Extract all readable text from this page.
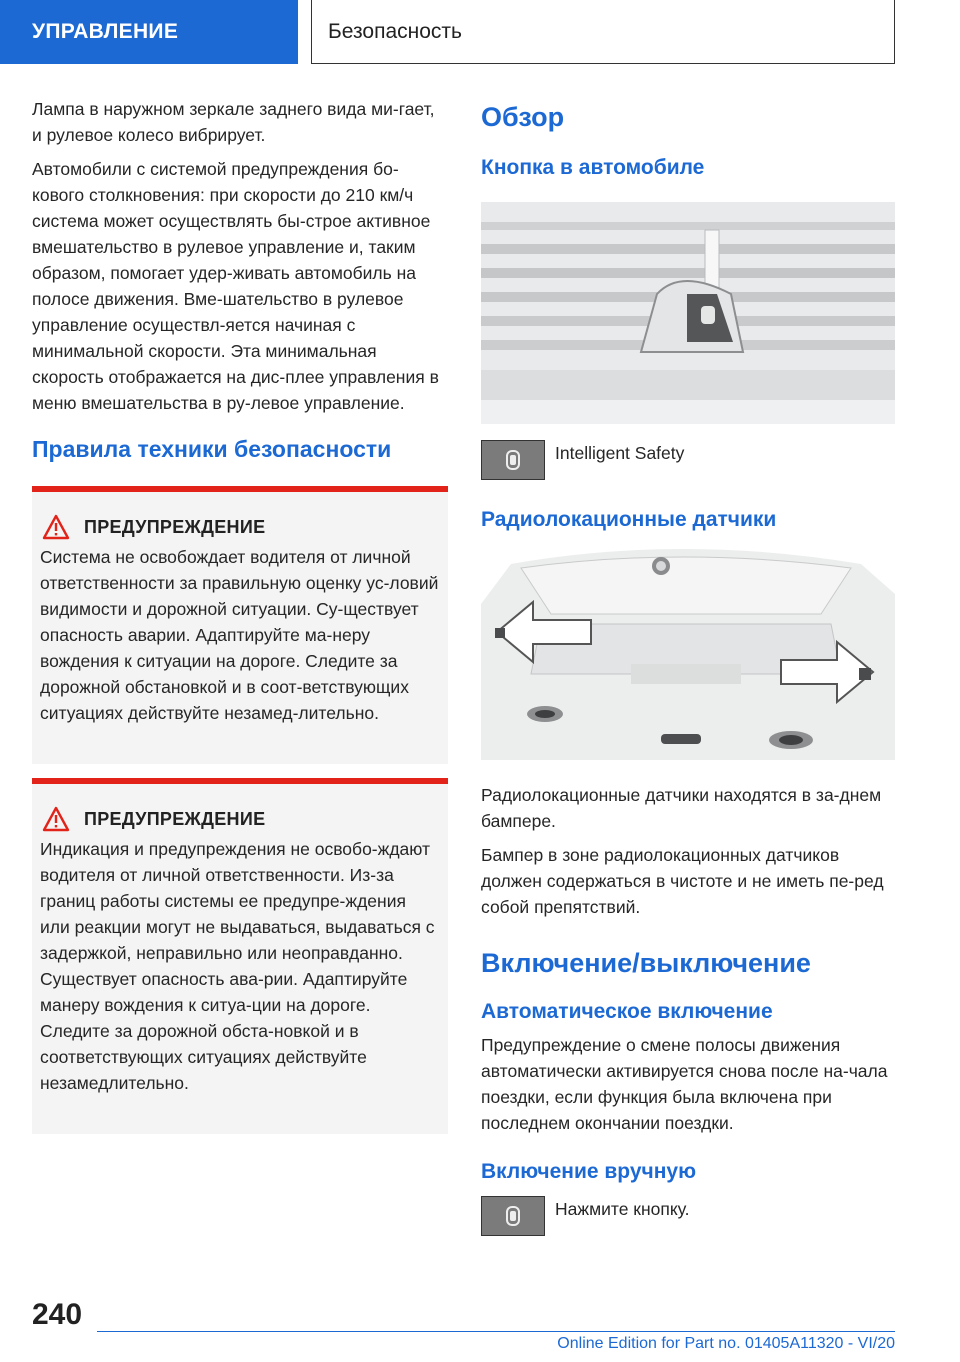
УПРАВЛЕНИЕ	Безопасность

Лампа в наружном зеркале заднего вида ми-гает, и рулевое колесо вибрирует.

Автомобили с системой предупреждения бо-кового столкновения: при скорости до 210 км/ч система может осуществлять бы-строе активное вмешательство в рулевое управление и, таким образом, помогает удер-живать автомобиль на полосе движения. Вме-шательство в рулевое управление осуществл-яется начиная с минимальной скорости. Эта минимальная скорость отображается на дис-плее управления в меню вмешательства в ру-левое управление.

Правила техники безопасности
ПРЕДУПРЕЖДЕНИЕ

Система не освобождает водителя от личной ответственности за правильную оценку ус-ловий видимости и дорожной ситуации. Су-ществует опасность аварии. Адаптируйте ма-неру вождения к ситуации на дороге. Следите за дорожной обстановкой и в соот-ветствующих ситуациях действуйте незамед-лительно.

ПРЕДУПРЕЖДЕНИЕ

Индикация и предупреждения не освобо-ждают водителя от личной ответственности. Из-за границ работы системы ее предупре-ждения или реакции могут не выдаваться, выдаваться с задержкой, неправильно или неоправданно. Существует опасность ава-рии. Адаптируйте манеру вождения к ситуа-ции на дороге. Следите за дорожной обста-новкой и в соответствующих ситуациях действуйте незамедлительно.

Обзор
Кнопка в автомобиле

Intelligent Safety

Радиолокационные датчики

Радиолокационные датчики находятся в за-днем бампере.

Бампер в зоне радиолокационных датчиков должен содержаться в чистоте и не иметь пе-ред собой препятствий.

Включение/выключение
Автоматическое включение

Предупреждение о смене полосы движения автоматически активируется снова после на-чала поездки, если функция была включена при последнем окончании поездки.

Включение вручную

Нажмите кнопку.

240
Online Edition for Part no. 01405A11320 - VI/20
